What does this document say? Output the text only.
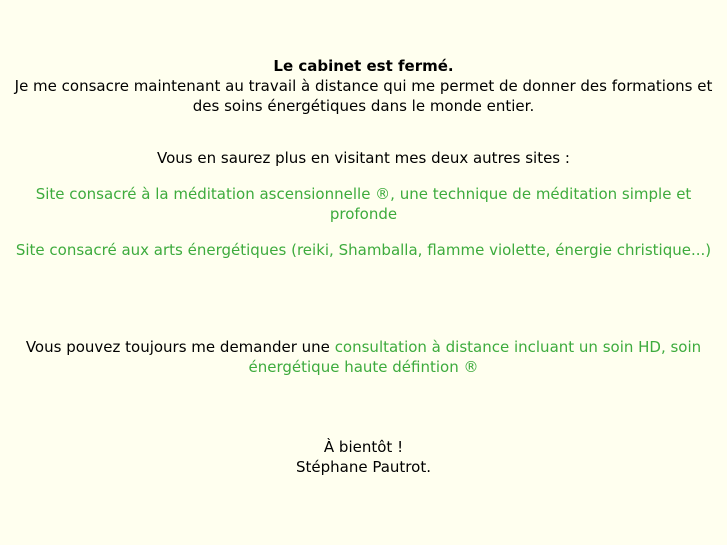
Le cabinet est fermé.

Je me consacre maintenant au travail à distance qui me permet de donner des formations et des soins énergétiques dans le monde entier.

Vous en saurez plus en visitant mes deux autres sites :

Site consacré à la méditation ascensionnelle ®, une technique de méditation simple et profonde
Site consacré aux arts énergétiques (reiki, Shamballa, flamme violette, énergie christique...)
Vous pouvez toujours me demander une consultation à distance incluant un soin HD, soin énergétique haute défintion ®

À bientôt !

Stéphane Pautrot.
